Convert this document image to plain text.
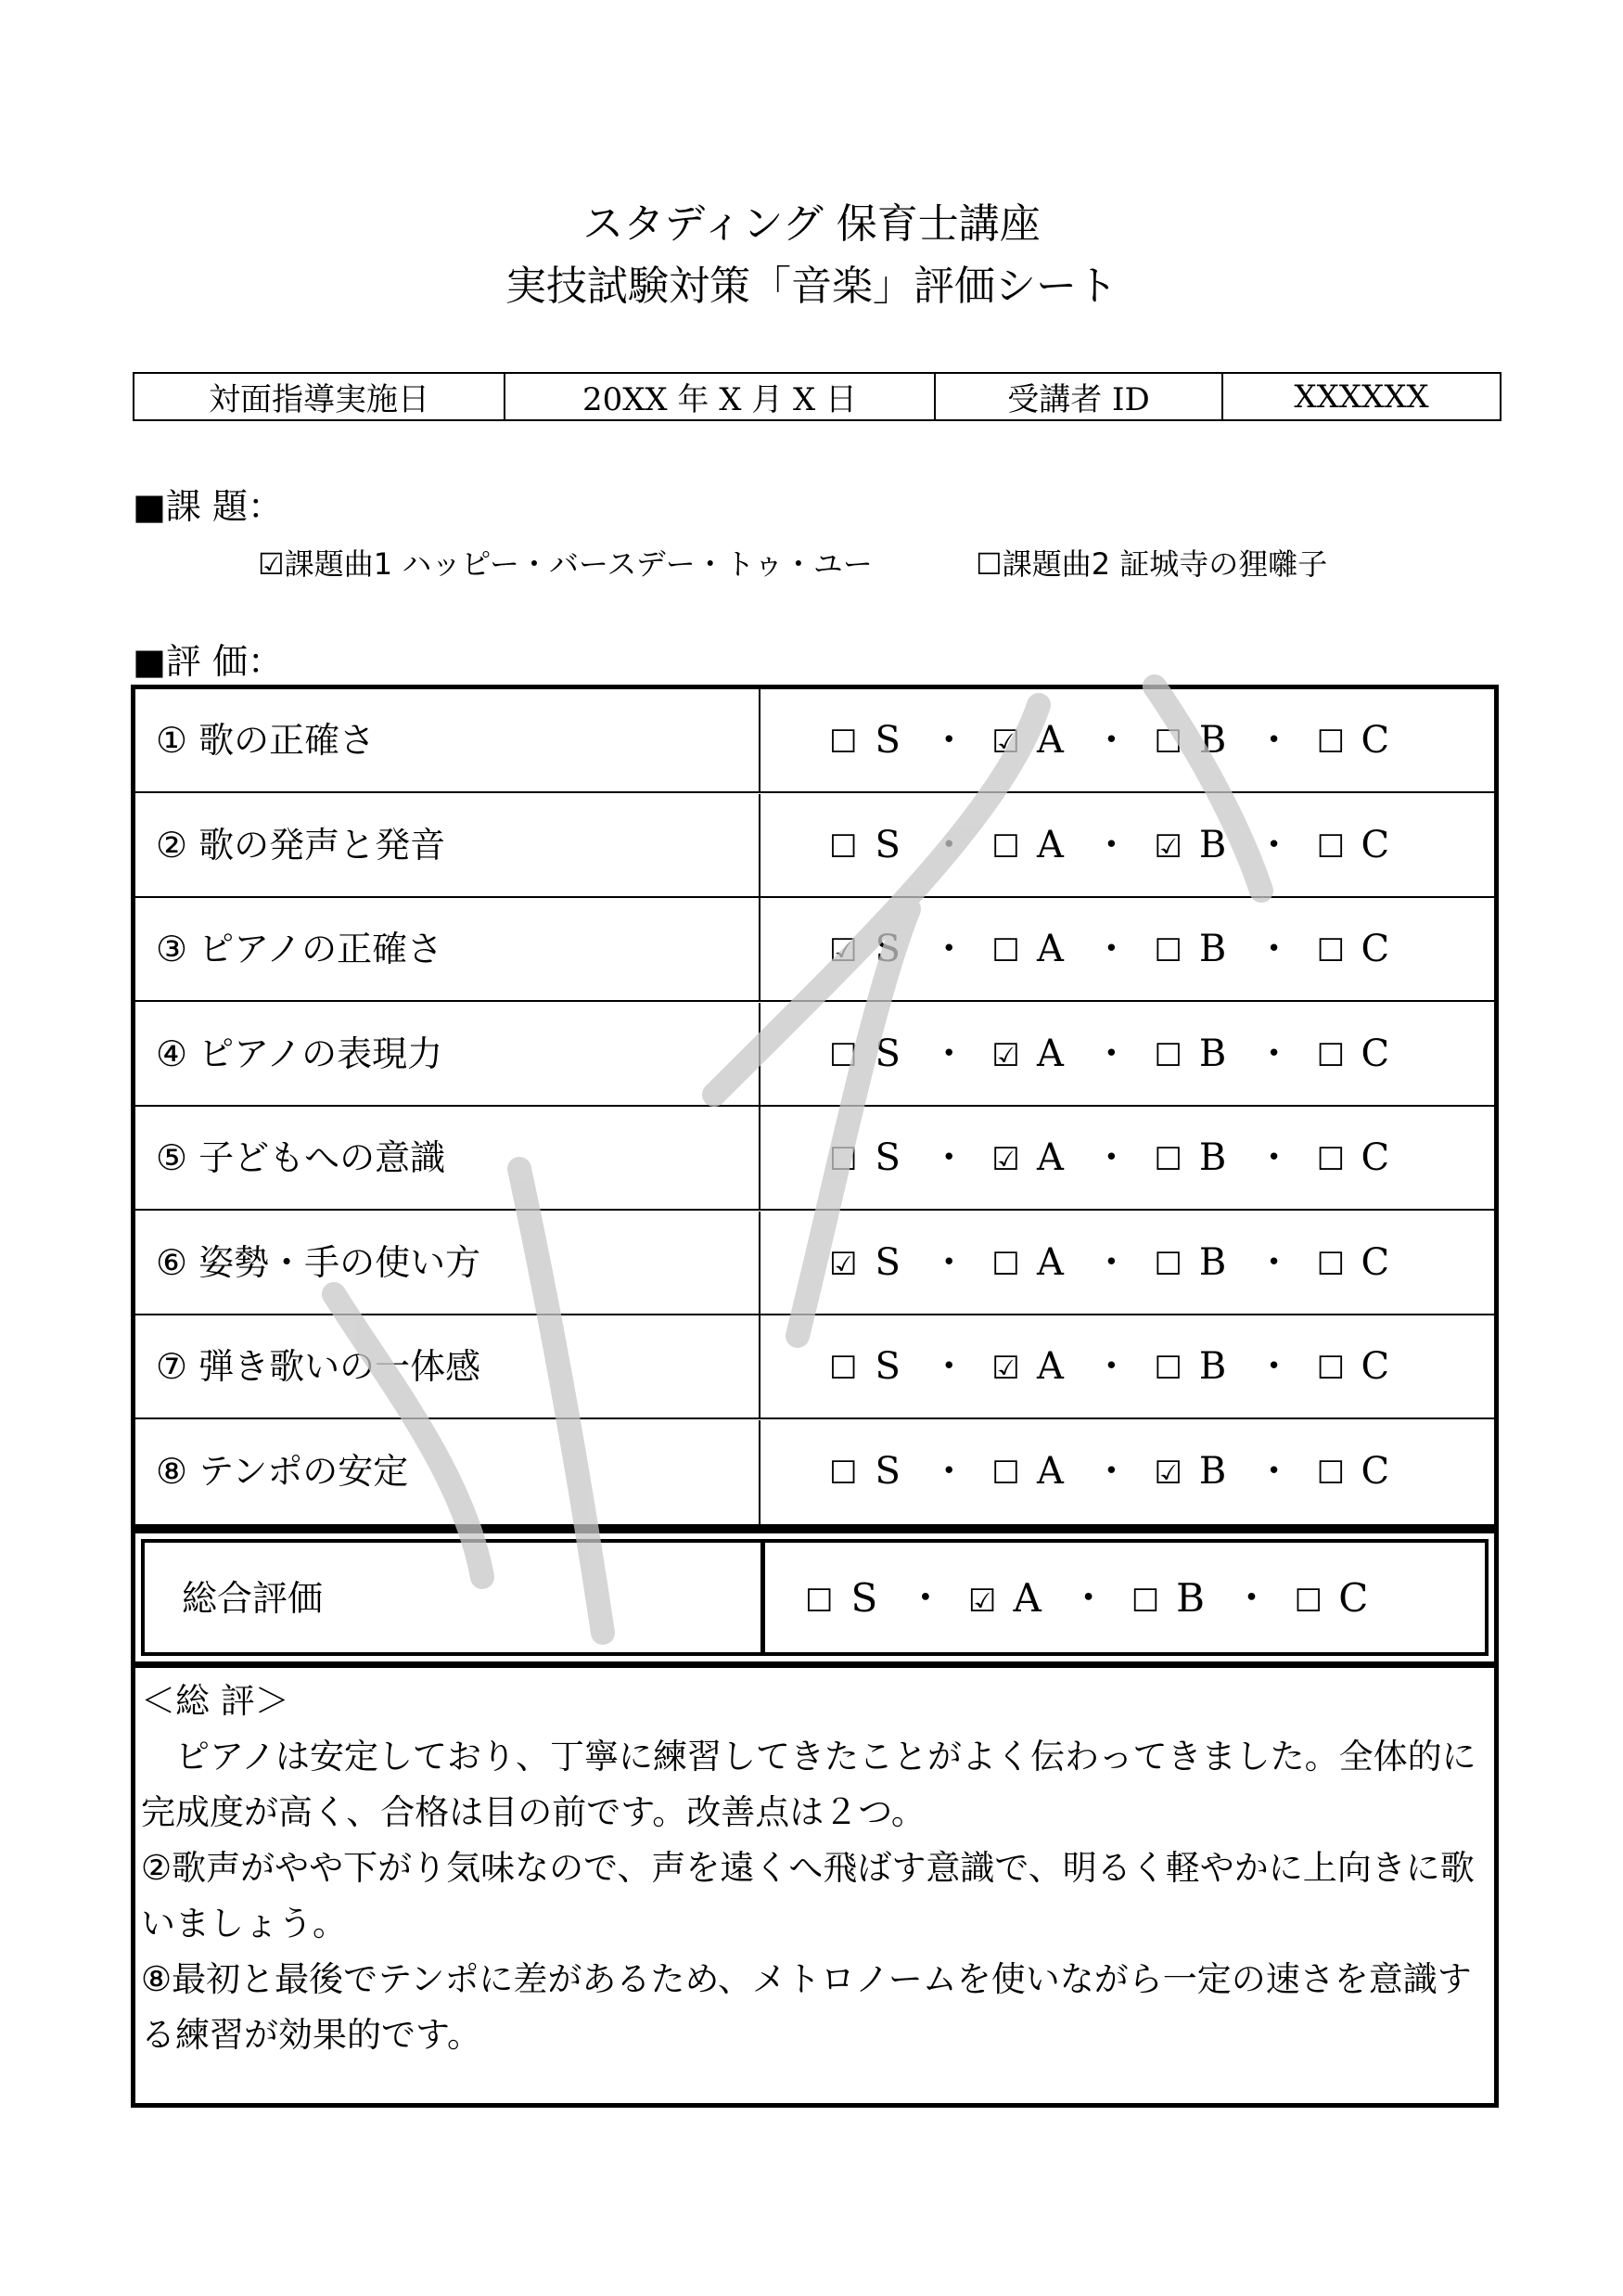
スタディング 保育士講座
実技試験対策「音楽」評価シート
対面指導実施日	20XX 年 X 月 X 日	受講者 ID	XXXXXX
■課 題：
☑課題曲1 ハッピー・バースデー・トゥ・ユー	☐課題曲2 証城寺の狸囃子
■評 価：
① 歌の正確さ	☐ S ・ ☑ A ・ ☐ B ・ ☐ C
② 歌の発声と発音	☐ S ・ ☐ A ・ ☑ B ・ ☐ C
③ ピアノの正確さ	☑ S ・ ☐ A ・ ☐ B ・ ☐ C
④ ピアノの表現力	☐ S ・ ☑ A ・ ☐ B ・ ☐ C
⑤ 子どもへの意識	☐ S ・ ☑ A ・ ☐ B ・ ☐ C
⑥ 姿勢・手の使い方	☑ S ・ ☐ A ・ ☐ B ・ ☐ C
⑦ 弾き歌いの一体感	☐ S ・ ☑ A ・ ☐ B ・ ☐ C
⑧ テンポの安定	☐ S ・ ☐ A ・ ☑ B ・ ☐ C
総合評価	☐ S ・ ☑ A ・ ☐ B ・ ☐ C

＜総 評＞

ピアノは安定しており、丁寧に練習してきたことがよく伝わってきました。全体的に完成度が高く、合格は目の前です。改善点は２つ。

②歌声がやや下がり気味なので、声を遠くへ飛ばす意識で、明るく軽やかに上向きに歌いましょう。

⑧最初と最後でテンポに差があるため、メトロノームを使いながら一定の速さを意識する練習が効果的です。
